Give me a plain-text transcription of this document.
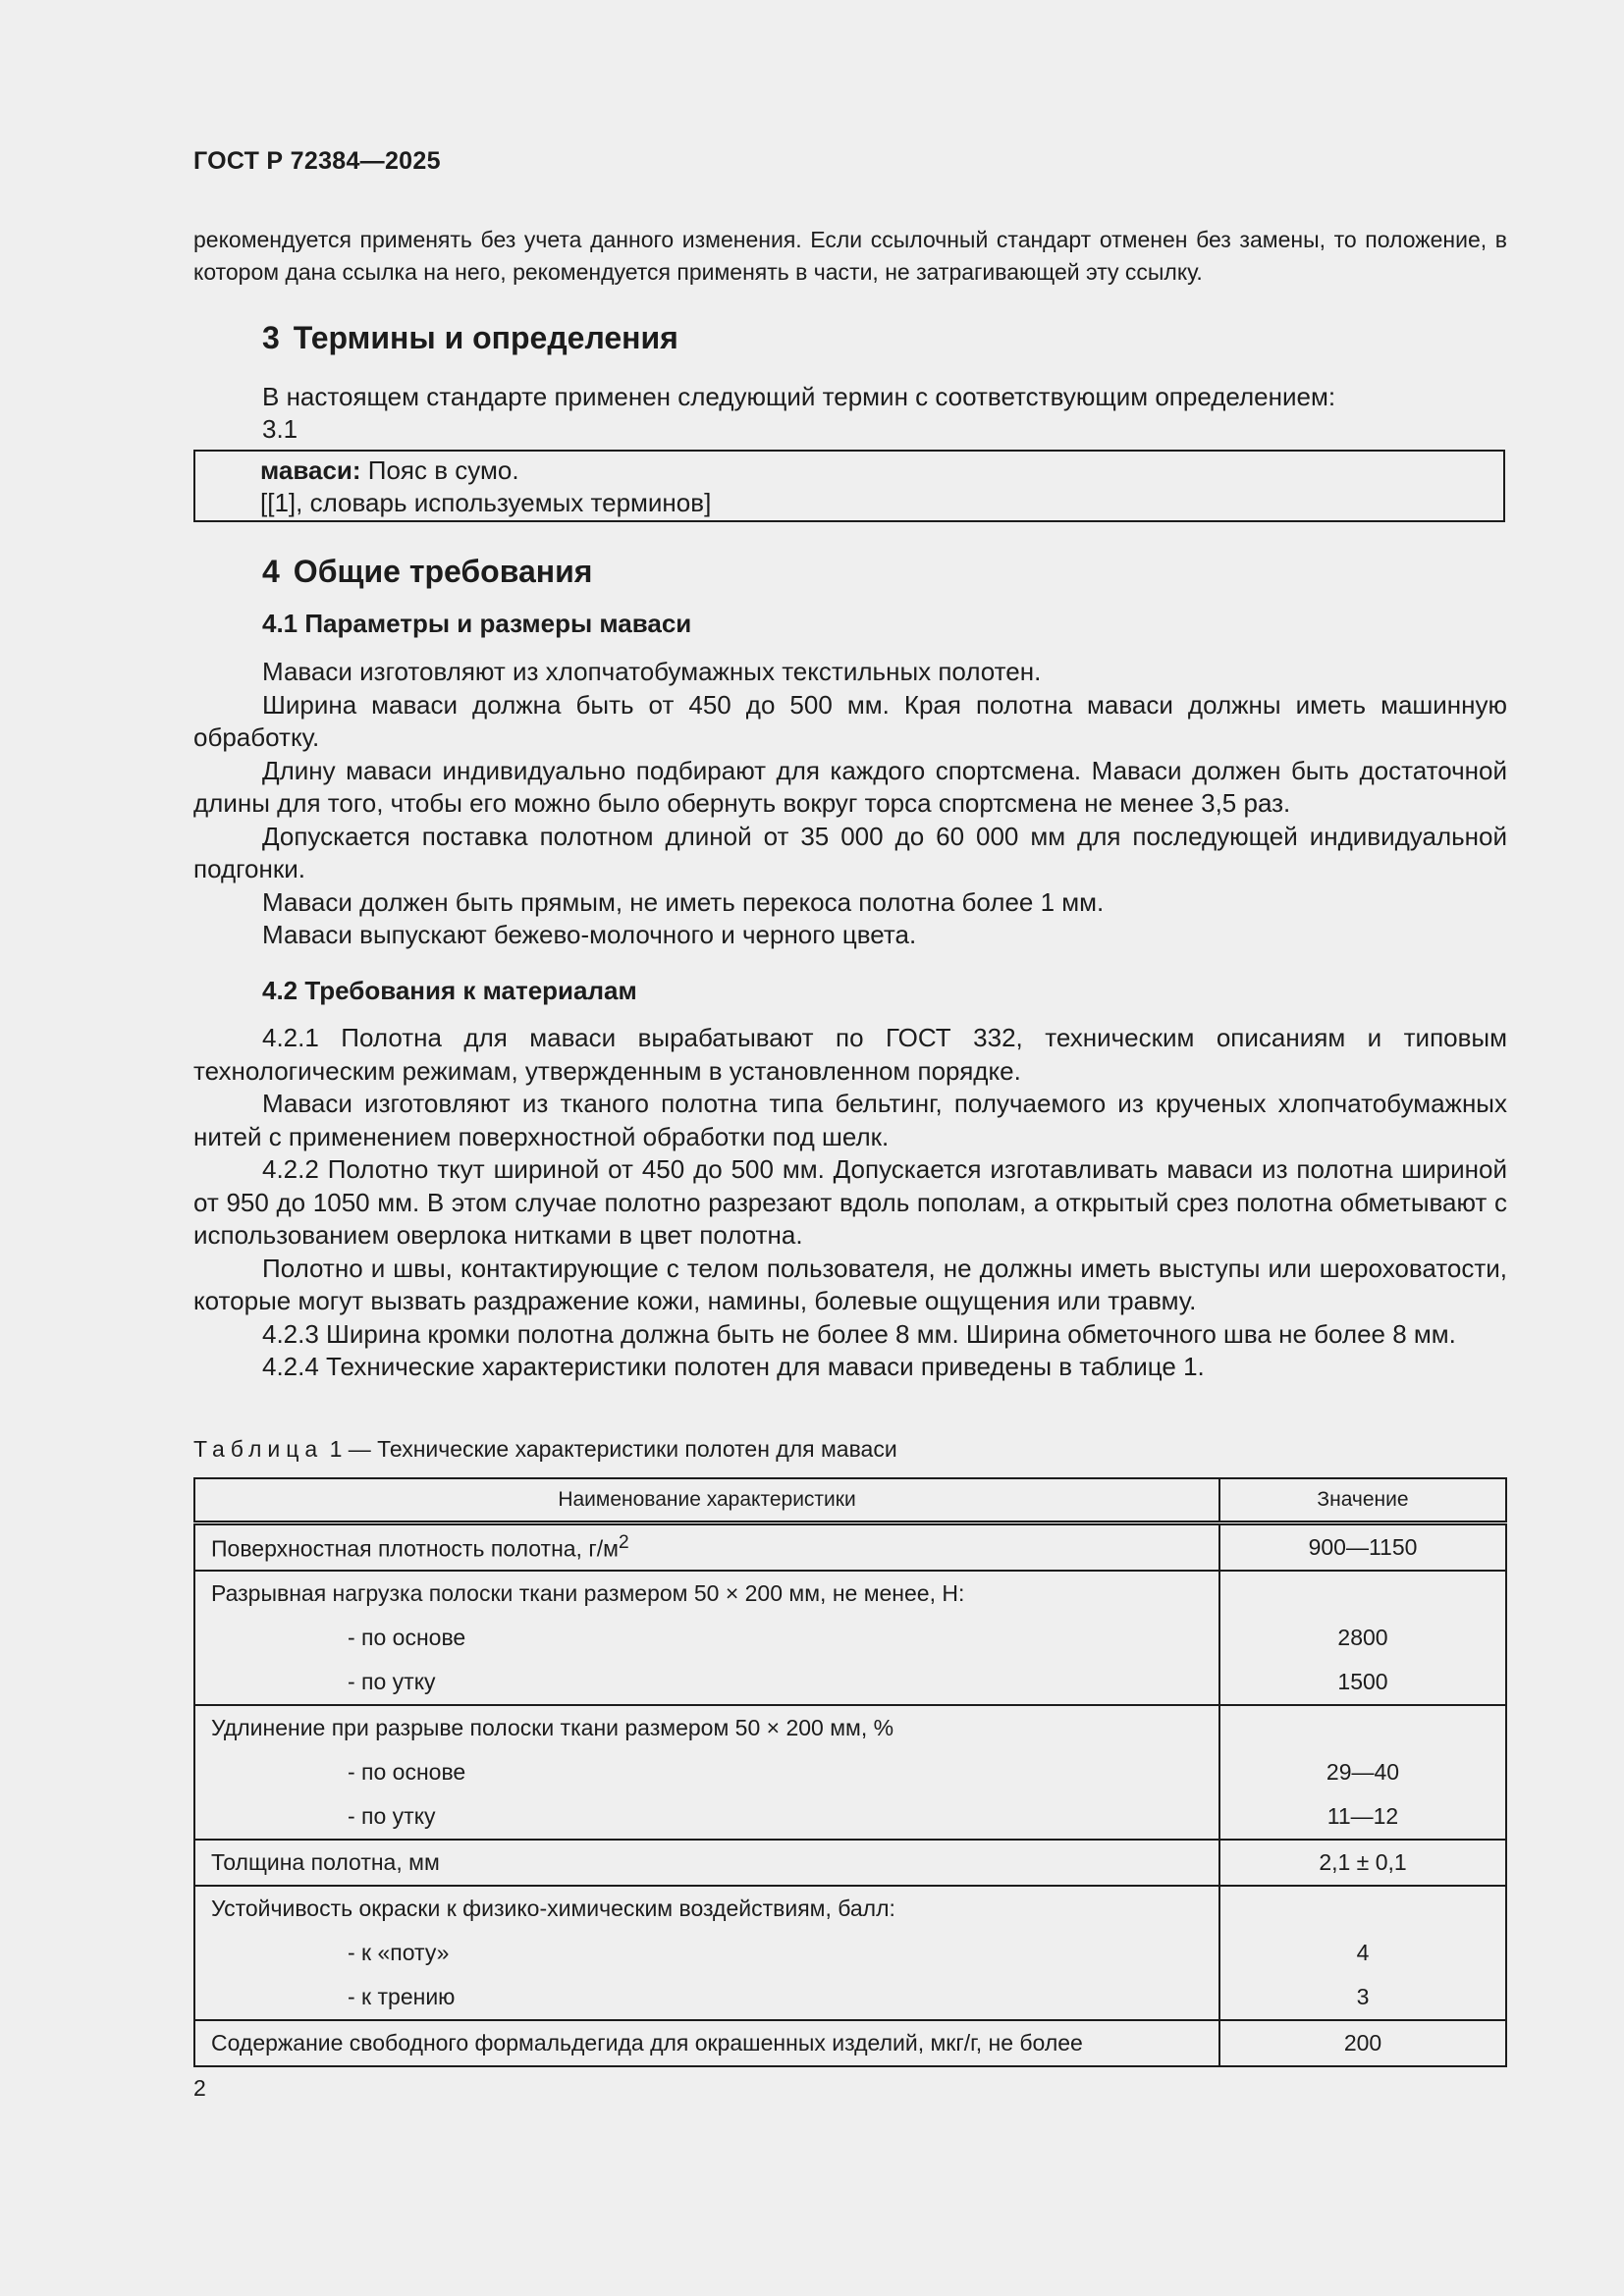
ГОСТ Р 72384—2025
рекомендуется применять без учета данного изменения. Если ссылочный стандарт отменен без замены, то положение, в котором дана ссылка на него, рекомендуется применять в части, не затрагивающей эту ссылку.
3 Термины и определения
В настоящем стандарте применен следующий термин с соответствующим определением:
3.1
маваси: Пояс в сумо.
[[1], словарь используемых терминов]
4 Общие требования
4.1 Параметры и размеры маваси

Маваси изготовляют из хлопчатобумажных текстильных полотен.

Ширина маваси должна быть от 450 до 500 мм. Края полотна маваси должны иметь машинную обработку.

Длину маваси индивидуально подбирают для каждого спортсмена. Маваси должен быть достаточной длины для того, чтобы его можно было обернуть вокруг торса спортсмена не менее 3,5 раз.

Допускается поставка полотном длиной от 35 000 до 60 000 мм для последующей индивидуальной подгонки.

Маваси должен быть прямым, не иметь перекоса полотна более 1 мм.

Маваси выпускают бежево-молочного и черного цвета.

4.2 Требования к материалам

4.2.1 Полотна для маваси вырабатывают по ГОСТ 332, техническим описаниям и типовым технологическим режимам, утвержденным в установленном порядке.

Маваси изготовляют из тканого полотна типа бельтинг, получаемого из крученых хлопчатобумажных нитей с применением поверхностной обработки под шелк.

4.2.2 Полотно ткут шириной от 450 до 500 мм. Допускается изготавливать маваси из полотна шириной от 950 до 1050 мм. В этом случае полотно разрезают вдоль пополам, а открытый срез полотна обметывают с использованием оверлока нитками в цвет полотна.

Полотно и швы, контактирующие с телом пользователя, не должны иметь выступы или шероховатости, которые могут вызвать раздражение кожи, намины, болевые ощущения или травму.

4.2.3 Ширина кромки полотна должна быть не более 8 мм. Ширина обметочного шва не более 8 мм.

4.2.4 Технические характеристики полотен для маваси приведены в таблице 1.

Таблица 1 — Технические характеристики полотен для маваси
Наименование характеристики	Значение
Поверхностная плотность полотна, $г/м^2$	900—1150
Разрывная нагрузка полоски ткани размером 50 × 200 мм, не менее, Н:	
- по основе	2800
- по утку	1500
Удлинение при разрыве полоски ткани размером 50 × 200 мм, %	
- по основе	29—40
- по утку	11—12
Толщина полотна, мм	2,1 ± 0,1
Устойчивость окраски к физико-химическим воздействиям, балл:	
- к «поту»	4
- к трению	3
Содержание свободного формальдегида для окрашенных изделий, мкг/г, не более	200
2
